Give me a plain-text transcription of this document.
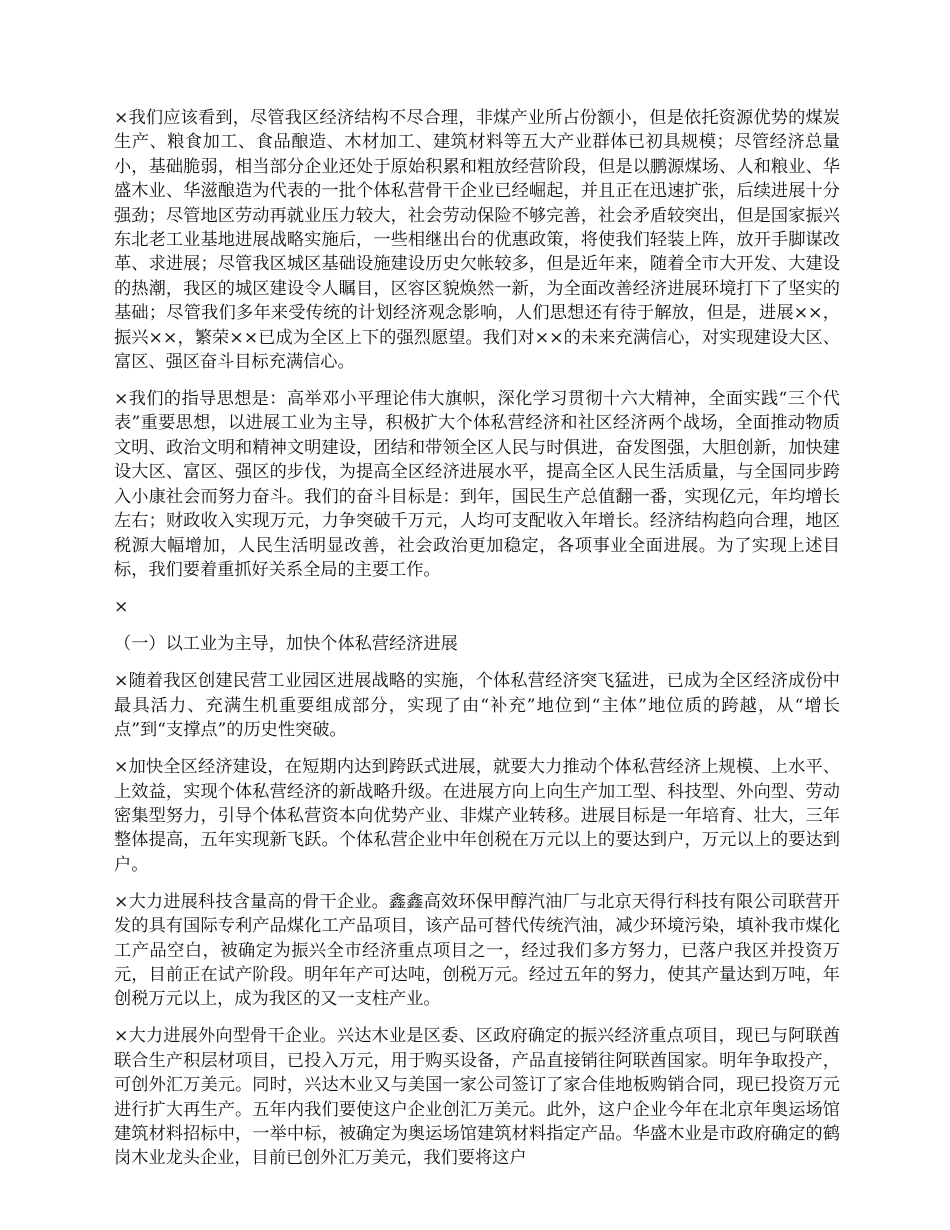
×我们应该看到，尽管我区经济结构不尽合理，非煤产业所占份额小，但是依托资源优势的煤炭生产、粮食加工、食品酿造、木材加工、建筑材料等五大产业群体已初具规模；尽管经济总量小，基础脆弱，相当部分企业还处于原始积累和粗放经营阶段，但是以鹏源煤场、人和粮业、华盛木业、华滋酿造为代表的一批个体私营骨干企业已经崛起，并且正在迅速扩张，后续进展十分强劲；尽管地区劳动再就业压力较大，社会劳动保险不够完善，社会矛盾较突出，但是国家振兴东北老工业基地进展战略实施后，一些相继出台的优惠政策，将使我们轻装上阵，放开手脚谋改革、求进展；尽管我区城区基础设施建设历史欠帐较多，但是近年来，随着全市大开发、大建设的热潮，我区的城区建设令人瞩目，区容区貌焕然一新，为全面改善经济进展环境打下了坚实的基础；尽管我们多年来受传统的计划经济观念影响，人们思想还有待于解放，但是，进展××，振兴××，繁荣××已成为全区上下的强烈愿望。我们对××的未来充满信心，对实现建设大区、富区、强区奋斗目标充满信心。

×我们的指导思想是：高举邓小平理论伟大旗帜，深化学习贯彻十六大精神，全面实践“三个代表”重要思想，以进展工业为主导，积极扩大个体私营经济和社区经济两个战场，全面推动物质文明、政治文明和精神文明建设，团结和带领全区人民与时俱进，奋发图强，大胆创新，加快建设大区、富区、强区的步伐，为提高全区经济进展水平，提高全区人民生活质量，与全国同步跨入小康社会而努力奋斗。我们的奋斗目标是：到年，国民生产总值翻一番，实现亿元，年均增长左右；财政收入实现万元，力争突破千万元，人均可支配收入年增长。经济结构趋向合理，地区税源大幅增加，人民生活明显改善，社会政治更加稳定，各项事业全面进展。为了实现上述目标，我们要着重抓好关系全局的主要工作。

×

（一）以工业为主导，加快个体私营经济进展

×随着我区创建民营工业园区进展战略的实施，个体私营经济突飞猛进，已成为全区经济成份中最具活力、充满生机重要组成部分，实现了由“补充”地位到“主体”地位质的跨越，从“增长点”到“支撑点”的历史性突破。

×加快全区经济建设，在短期内达到跨跃式进展，就要大力推动个体私营经济上规模、上水平、上效益，实现个体私营经济的新战略升级。在进展方向上向生产加工型、科技型、外向型、劳动密集型努力，引导个体私营资本向优势产业、非煤产业转移。进展目标是一年培育、壮大，三年整体提高，五年实现新飞跃。个体私营企业中年创税在万元以上的要达到户，万元以上的要达到户。

×大力进展科技含量高的骨干企业。鑫鑫高效环保甲醇汽油厂与北京天得行科技有限公司联营开发的具有国际专利产品煤化工产品项目，该产品可替代传统汽油，减少环境污染，填补我市煤化工产品空白，被确定为振兴全市经济重点项目之一，经过我们多方努力，已落户我区并投资万元，目前正在试产阶段。明年年产可达吨，创税万元。经过五年的努力，使其产量达到万吨，年创税万元以上，成为我区的又一支柱产业。

×大力进展外向型骨干企业。兴达木业是区委、区政府确定的振兴经济重点项目，现已与阿联酋联合生产积层材项目，已投入万元，用于购买设备，产品直接销往阿联酋国家。明年争取投产，可创外汇万美元。同时，兴达木业又与美国一家公司签订了家合佳地板购销合同，现已投资万元进行扩大再生产。五年内我们要使这户企业创汇万美元。此外，这户企业今年在北京年奥运场馆建筑材料招标中，一举中标，被确定为奥运场馆建筑材料指定产品。华盛木业是市政府确定的鹤岗木业龙头企业，目前已创外汇万美元，我们要将这户
